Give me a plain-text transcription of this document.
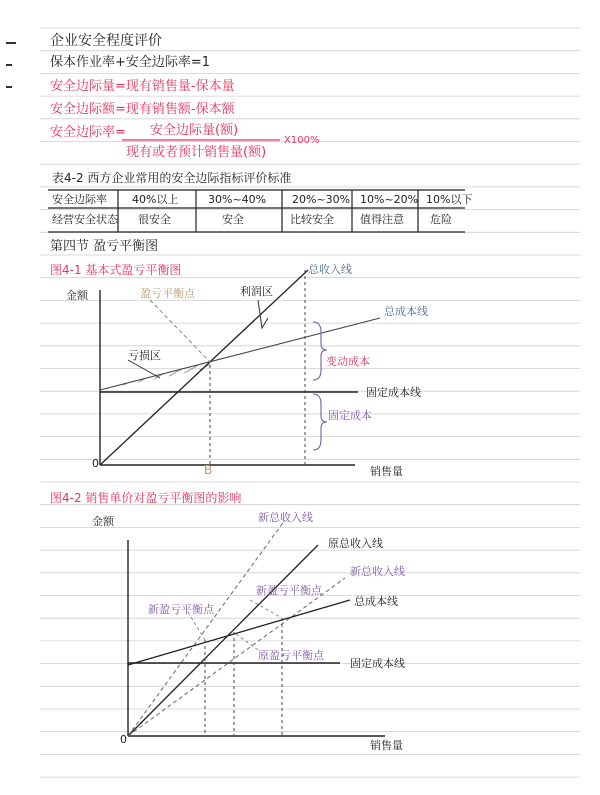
企业安全程度评价
保本作业率+安全边际率=1
安全边际量=现有销售量-保本量
安全边际额=现有销售额-保本额
安全边际率= 安全边际量(额)
现有或者预计销售量(额)
X100%
表4-2 西方企业常用的安全边际指标评价标准
安全边际率 40%以上	30%~40% 20%~30% 10%~20% 10%以下
经营安全状态 很安全	安全	比较安全 值得注意 危险
第四节 盈亏平衡图
图4-1 基本式盈亏平衡图
金额
总收入线
盈亏平衡点	利润区
总成本线
变动成本
亏损区
固定成本线
固定成本
0	B	销售量
图4-2 销售单价对盈亏平衡图的影响
金额	新总收入线
原总收入线
新总收入线
新盈亏平衡点
总成本线
新盈亏平衡点
原盈亏平衡点
固定成本线
0	销售量
